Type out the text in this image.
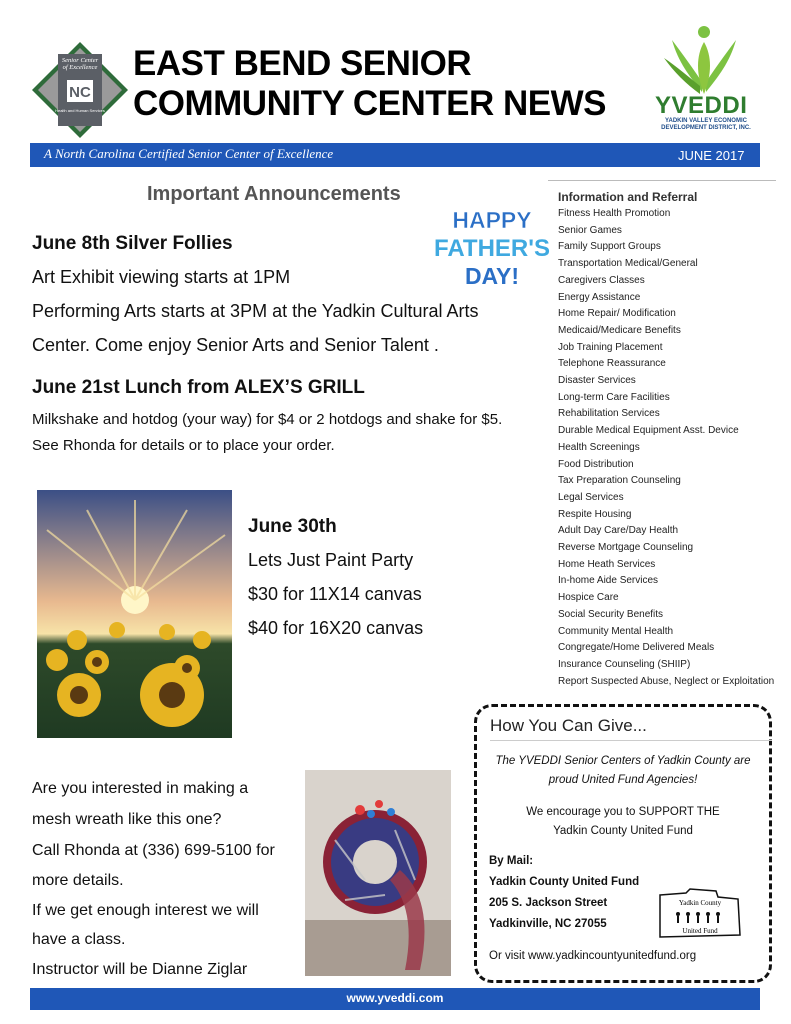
Senior Center
of Excellence
NC
Health and Human Services
EAST BEND SENIOR
COMMUNITY CENTER NEWS YVEDDI
YADKIN VALLEY ECONOMIC DEVELOPMENT DISTRICT, INC.
A North Carolina Certified Senior Center of Excellence	JUNE 2017
Important Announcements
HAPPY
FATHER'S
DAY!
June 8th Silver Follies
Art Exhibit viewing starts at 1PM
Performing Arts starts at 3PM at the Yadkin Cultural Arts
Center. Come enjoy Senior Arts and Senior Talent .
June 21st Lunch from ALEX’S GRILL
Milkshake and hotdog (your way) for $4 or 2 hotdogs and shake for $5.
See Rhonda for details or to place your order.
June 30th
Lets Just Paint Party
$30 for 11X14 canvas
$40 for 16X20 canvas
Are you interested in making a
mesh wreath like this one?
Call Rhonda at (336) 699-5100 for
more details.
If we get enough interest we will
have a class.
Instructor will be Dianne Ziglar
Information and Referral
Fitness Health Promotion
Senior Games
Family Support Groups
Transportation Medical/General
Caregivers Classes
Energy Assistance
Home Repair/ Modification
Medicaid/Medicare Benefits
Job Training Placement
Telephone Reassurance
Disaster Services
Long-term Care Facilities
Rehabilitation Services
Durable Medical Equipment Asst. Device
Health Screenings
Food Distribution
Tax Preparation Counseling
Legal Services
Respite Housing
Adult Day Care/Day Health
Reverse Mortgage Counseling
Home Heath Services
In-home Aide Services
Hospice Care
Social Security Benefits
Community Mental Health
Congregate/Home Delivered Meals
Insurance Counseling (SHIIP)
Report Suspected Abuse, Neglect or Exploitation
How You Can Give...
The YVEDDI Senior Centers of Yadkin County are
proud United Fund Agencies!
We encourage you to SUPPORT THE
Yadkin County United Fund
By Mail:
Yadkin County United Fund
205 S. Jackson Street
Yadkinville, NC 27055
Yadkin County
United Fund
Or visit www.yadkincountyunitedfund.org
www.yveddi.com
